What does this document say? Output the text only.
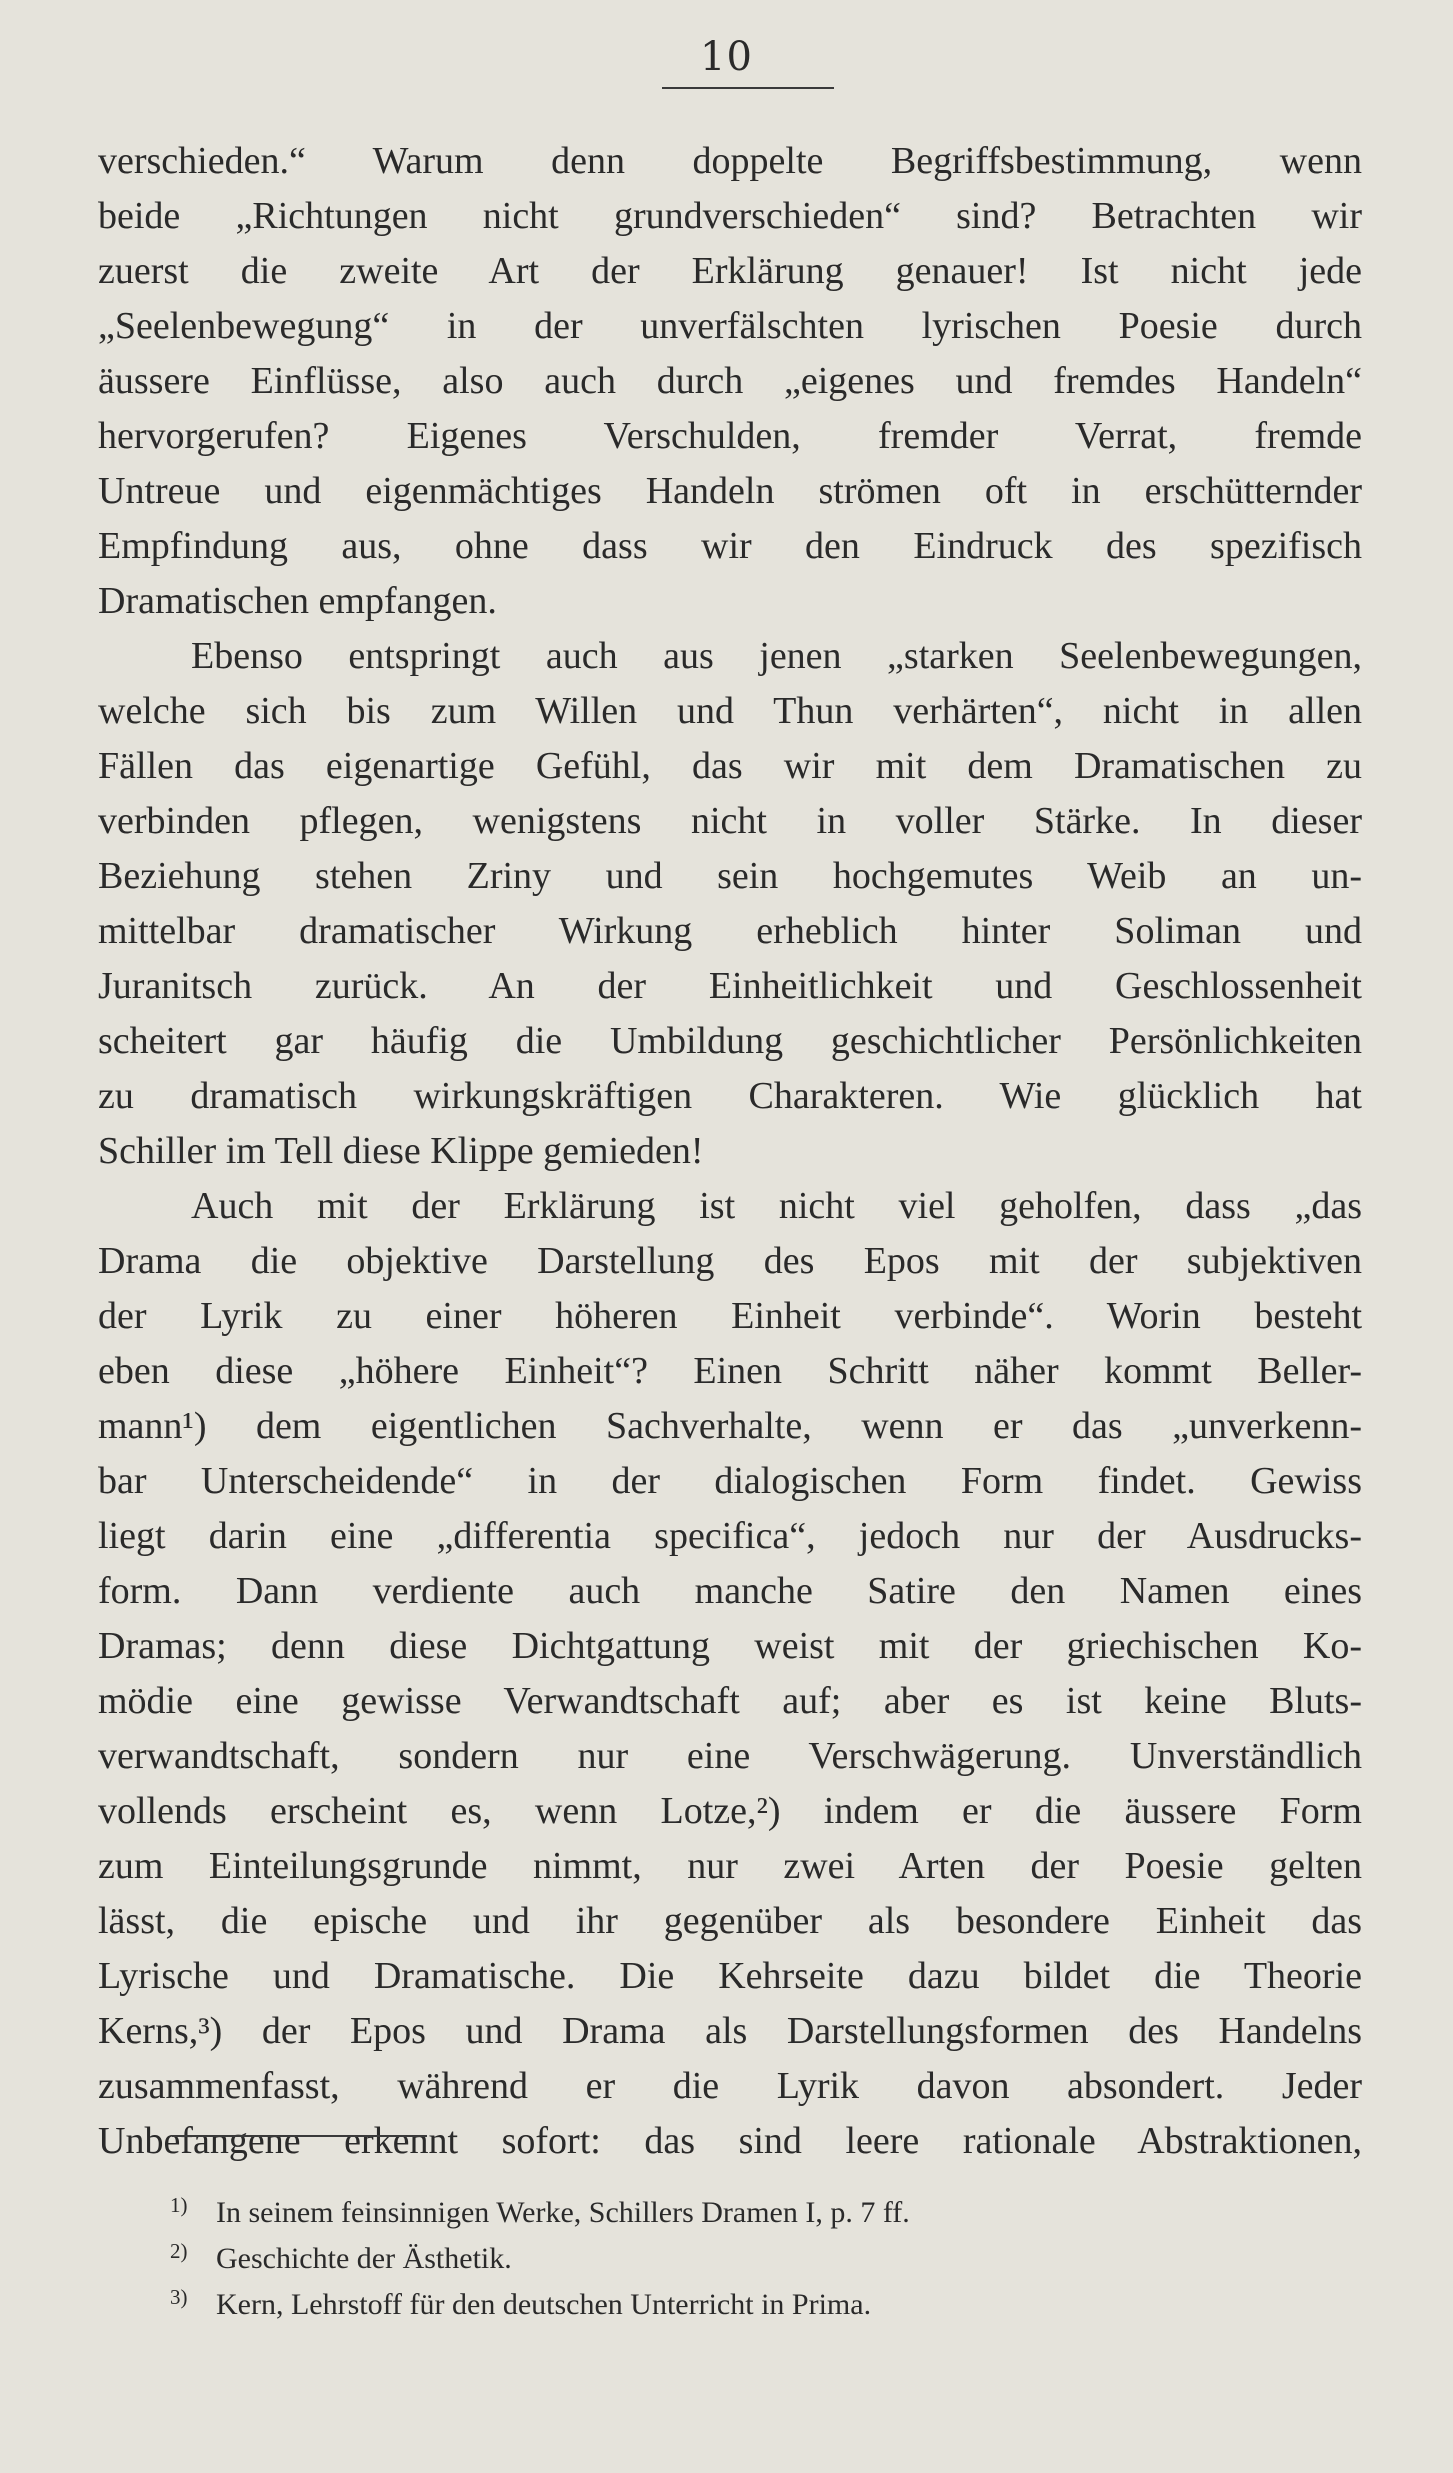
10
verschieden.“ Warum denn doppelte Begriffsbestimmung, wenn
beide „Richtungen nicht grundverschieden“ sind? Betrachten wir
zuerst die zweite Art der Erklärung genauer! Ist nicht jede
„Seelenbewegung“ in der unverfälschten lyrischen Poesie durch
äussere Einflüsse, also auch durch „eigenes und fremdes Handeln“
hervorgerufen? Eigenes Verschulden, fremder Verrat, fremde
Untreue und eigenmächtiges Handeln strömen oft in erschütternder
Empfindung aus, ohne dass wir den Eindruck des spezifisch
Dramatischen empfangen.
Ebenso entspringt auch aus jenen „starken Seelenbewegungen,
welche sich bis zum Willen und Thun verhärten“, nicht in allen
Fällen das eigenartige Gefühl, das wir mit dem Dramatischen zu
verbinden pflegen, wenigstens nicht in voller Stärke. In dieser
Beziehung stehen Zriny und sein hochgemutes Weib an un-
mittelbar dramatischer Wirkung erheblich hinter Soliman und
Juranitsch zurück. An der Einheitlichkeit und Geschlossenheit
scheitert gar häufig die Umbildung geschichtlicher Persönlichkeiten
zu dramatisch wirkungskräftigen Charakteren. Wie glücklich hat
Schiller im Tell diese Klippe gemieden!
Auch mit der Erklärung ist nicht viel geholfen, dass „das
Drama die objektive Darstellung des Epos mit der subjektiven
der Lyrik zu einer höheren Einheit verbinde“. Worin besteht
eben diese „höhere Einheit“? Einen Schritt näher kommt Beller-
mann¹) dem eigentlichen Sachverhalte, wenn er das „unverkenn-
bar Unterscheidende“ in der dialogischen Form findet. Gewiss
liegt darin eine „differentia specifica“, jedoch nur der Ausdrucks-
form. Dann verdiente auch manche Satire den Namen eines
Dramas; denn diese Dichtgattung weist mit der griechischen Ko-
mödie eine gewisse Verwandtschaft auf; aber es ist keine Bluts-
verwandtschaft, sondern nur eine Verschwägerung. Unverständlich
vollends erscheint es, wenn Lotze,²) indem er die äussere Form
zum Einteilungsgrunde nimmt, nur zwei Arten der Poesie gelten
lässt, die epische und ihr gegenüber als besondere Einheit das
Lyrische und Dramatische. Die Kehrseite dazu bildet die Theorie
Kerns,³) der Epos und Drama als Darstellungsformen des Handelns
zusammenfasst, während er die Lyrik davon absondert. Jeder
Unbefangene erkennt sofort: das sind leere rationale Abstraktionen,
1) In seinem feinsinnigen Werke, Schillers Dramen I, p. 7 ff.
2) Geschichte der Ästhetik.
3) Kern, Lehrstoff für den deutschen Unterricht in Prima.
